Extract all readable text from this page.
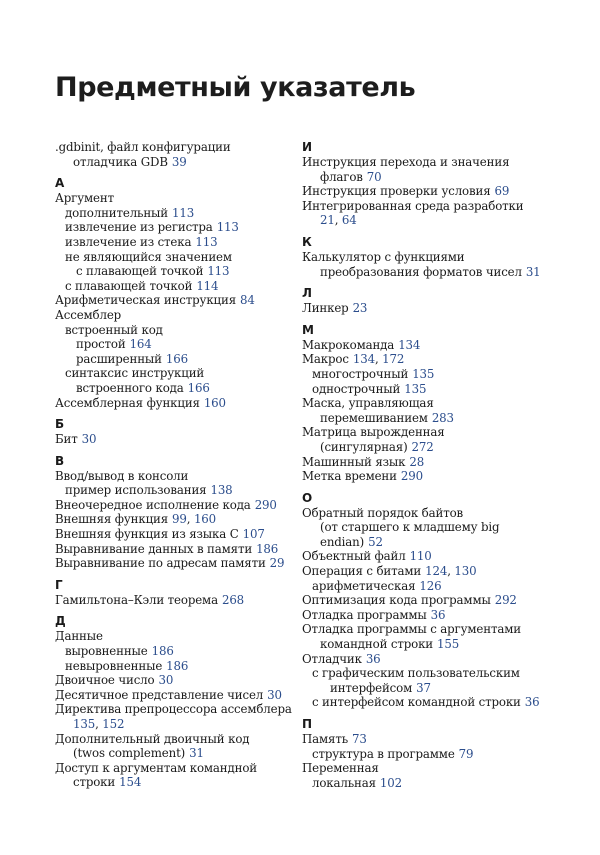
Предметный указатель
.gdbinit, файл конфигурации
отладчика GDB 39
А
Аргумент
дополнительный 113
извлечение из регистра 113
извлечение из стека 113
не являющийся значением
с плавающей точкой 113
с плавающей точкой 114
Арифметическая инструкция 84
Ассемблер
встроенный код
простой 164
расширенный 166
синтаксис инструкций
встроенного кода 166
Ассемблерная функция 160
Б
Бит 30
В
Ввод/вывод в консоли
пример использования 138
Внеочередное исполнение кода 290
Внешняя функция 99, 160
Внешняя функция из языка C 107
Выравнивание данных в памяти 186
Выравнивание по адресам памяти 29
Г
Гамильтона–Кэли теорема 268
Д
Данные
выровненные 186
невыровненные 186
Двоичное число 30
Десятичное представление чисел 30
Директива препроцессора ассемблера
135, 152
Дополнительный двоичный код
(twos complement) 31
Доступ к аргументам командной
строки 154
И
Инструкция перехода и значения
флагов 70
Инструкция проверки условия 69
Интегрированная среда разработки
21, 64
К
Калькулятор с функциями
преобразования форматов чисел 31
Л
Линкер 23
М
Макрокоманда 134
Макрос 134, 172
многострочный 135
однострочный 135
Маска, управляющая
перемешиванием 283
Матрица вырожденная
(сингулярная) 272
Машинный язык 28
Метка времени 290
О
Обратный порядок байтов
(от старшего к младшему big
endian) 52
Объектный файл 110
Операция с битами 124, 130
арифметическая 126
Оптимизация кода программы 292
Отладка программы 36
Отладка программы с аргументами
командной строки 155
Отладчик 36
с графическим пользовательским
интерфейсом 37
с интерфейсом командной строки 36
П
Память 73
структура в программе 79
Переменная
локальная 102
